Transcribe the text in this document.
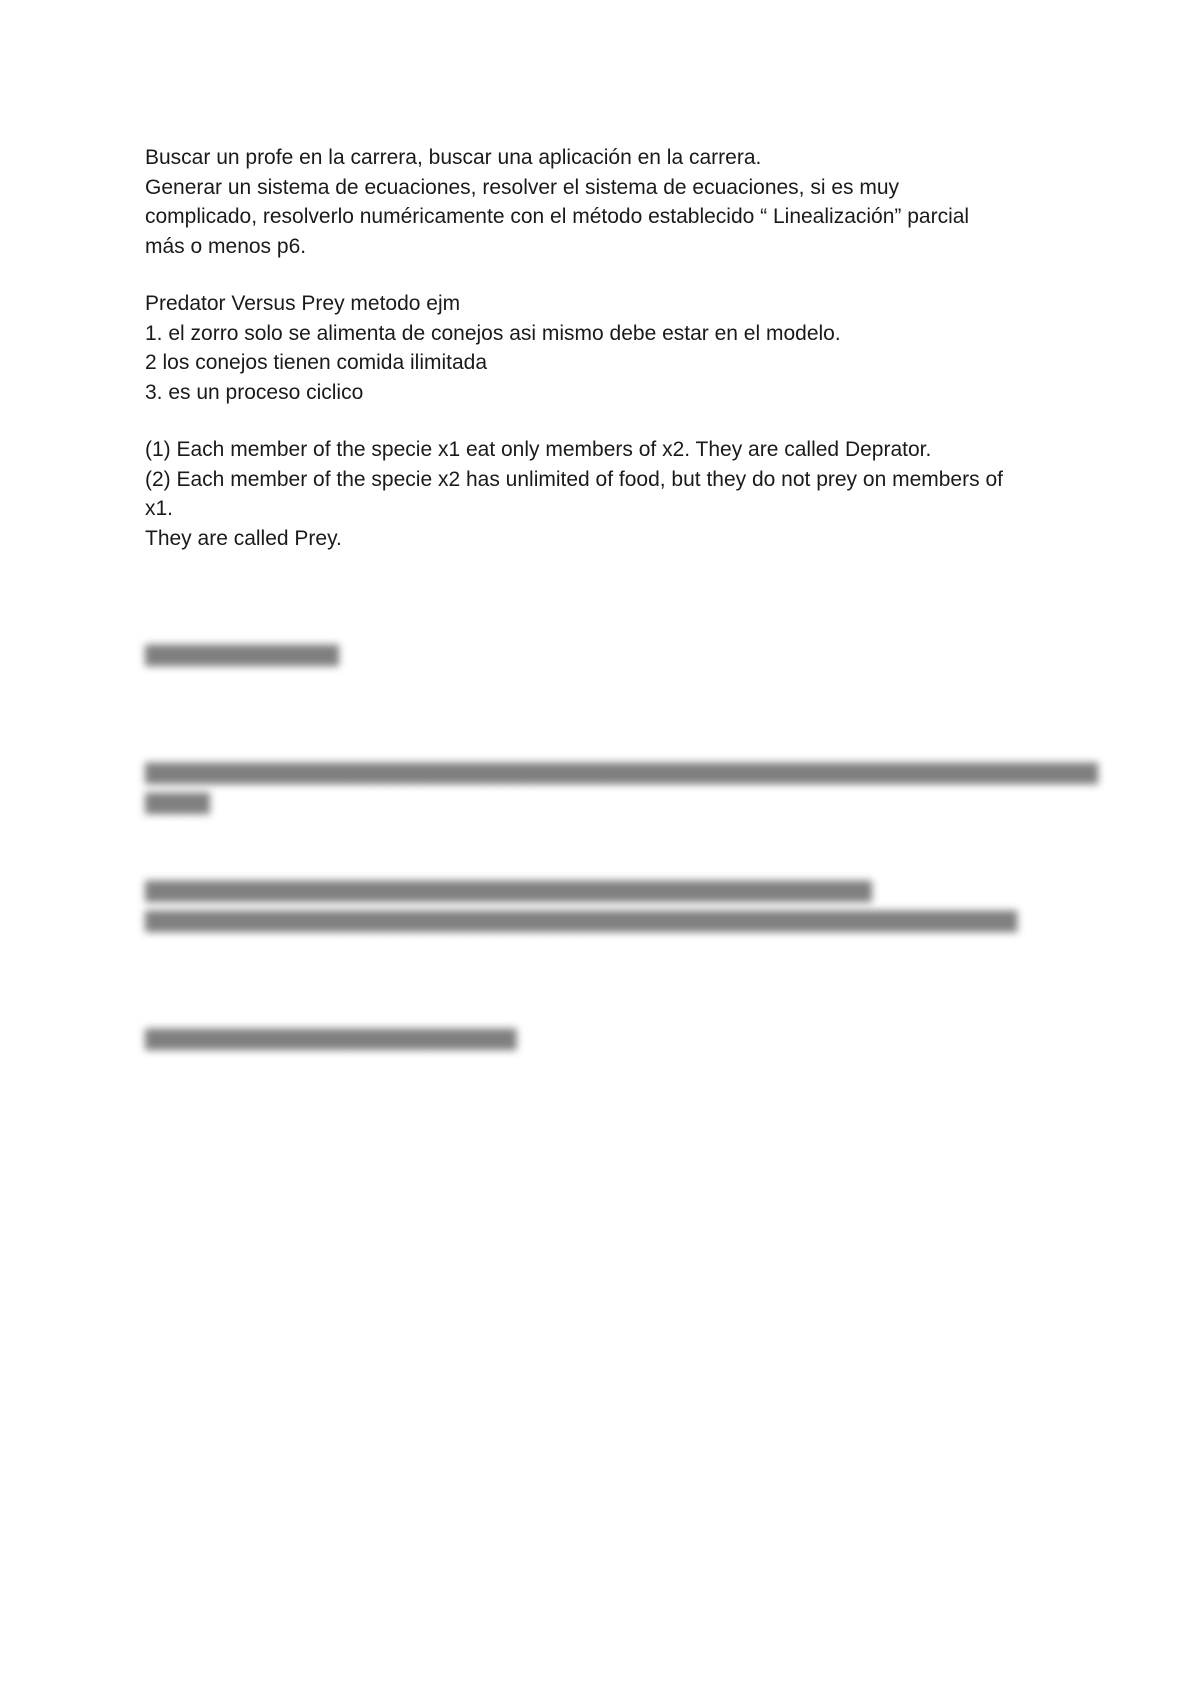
Buscar un profe en la carrera, buscar una aplicación en la carrera.

Generar un sistema de ecuaciones, resolver el sistema de ecuaciones, si es muy

complicado, resolverlo numéricamente con el método establecido “ Linealización” parcial

más o menos p6.

Predator Versus Prey metodo ejm

1. el zorro solo se alimenta de conejos asi mismo debe estar en el modelo.

2 los conejos tienen comida ilimitada

3. es un proceso ciclico

(1) Each member of the specie x1 eat only members of x2. They are called Deprator.

(2) Each member of the specie x2 has unlimited of food, but they do not prey on members of

x1.

They are called Prey.

▇▇▇▇▇▇▇▇▇▇▇▇

▇▇▇▇▇▇▇▇▇▇▇▇▇▇▇▇▇▇▇▇▇▇▇▇▇▇▇▇▇▇▇▇▇▇▇▇▇▇▇▇▇▇▇▇▇▇▇▇▇▇▇▇▇▇▇▇▇▇▇

▇▇▇▇

▇▇▇▇▇▇▇▇▇▇▇▇▇▇▇▇▇▇▇▇▇▇▇▇▇▇▇▇▇▇▇▇▇▇▇▇▇▇▇▇▇▇▇▇▇

▇▇▇▇▇▇▇▇▇▇▇▇▇▇▇▇▇▇▇▇▇▇▇▇▇▇▇▇▇▇▇▇▇▇▇▇▇▇▇▇▇▇▇▇▇▇▇▇▇▇▇▇▇▇

▇▇▇▇▇▇▇▇▇▇▇▇▇▇▇▇▇▇▇▇▇▇▇
